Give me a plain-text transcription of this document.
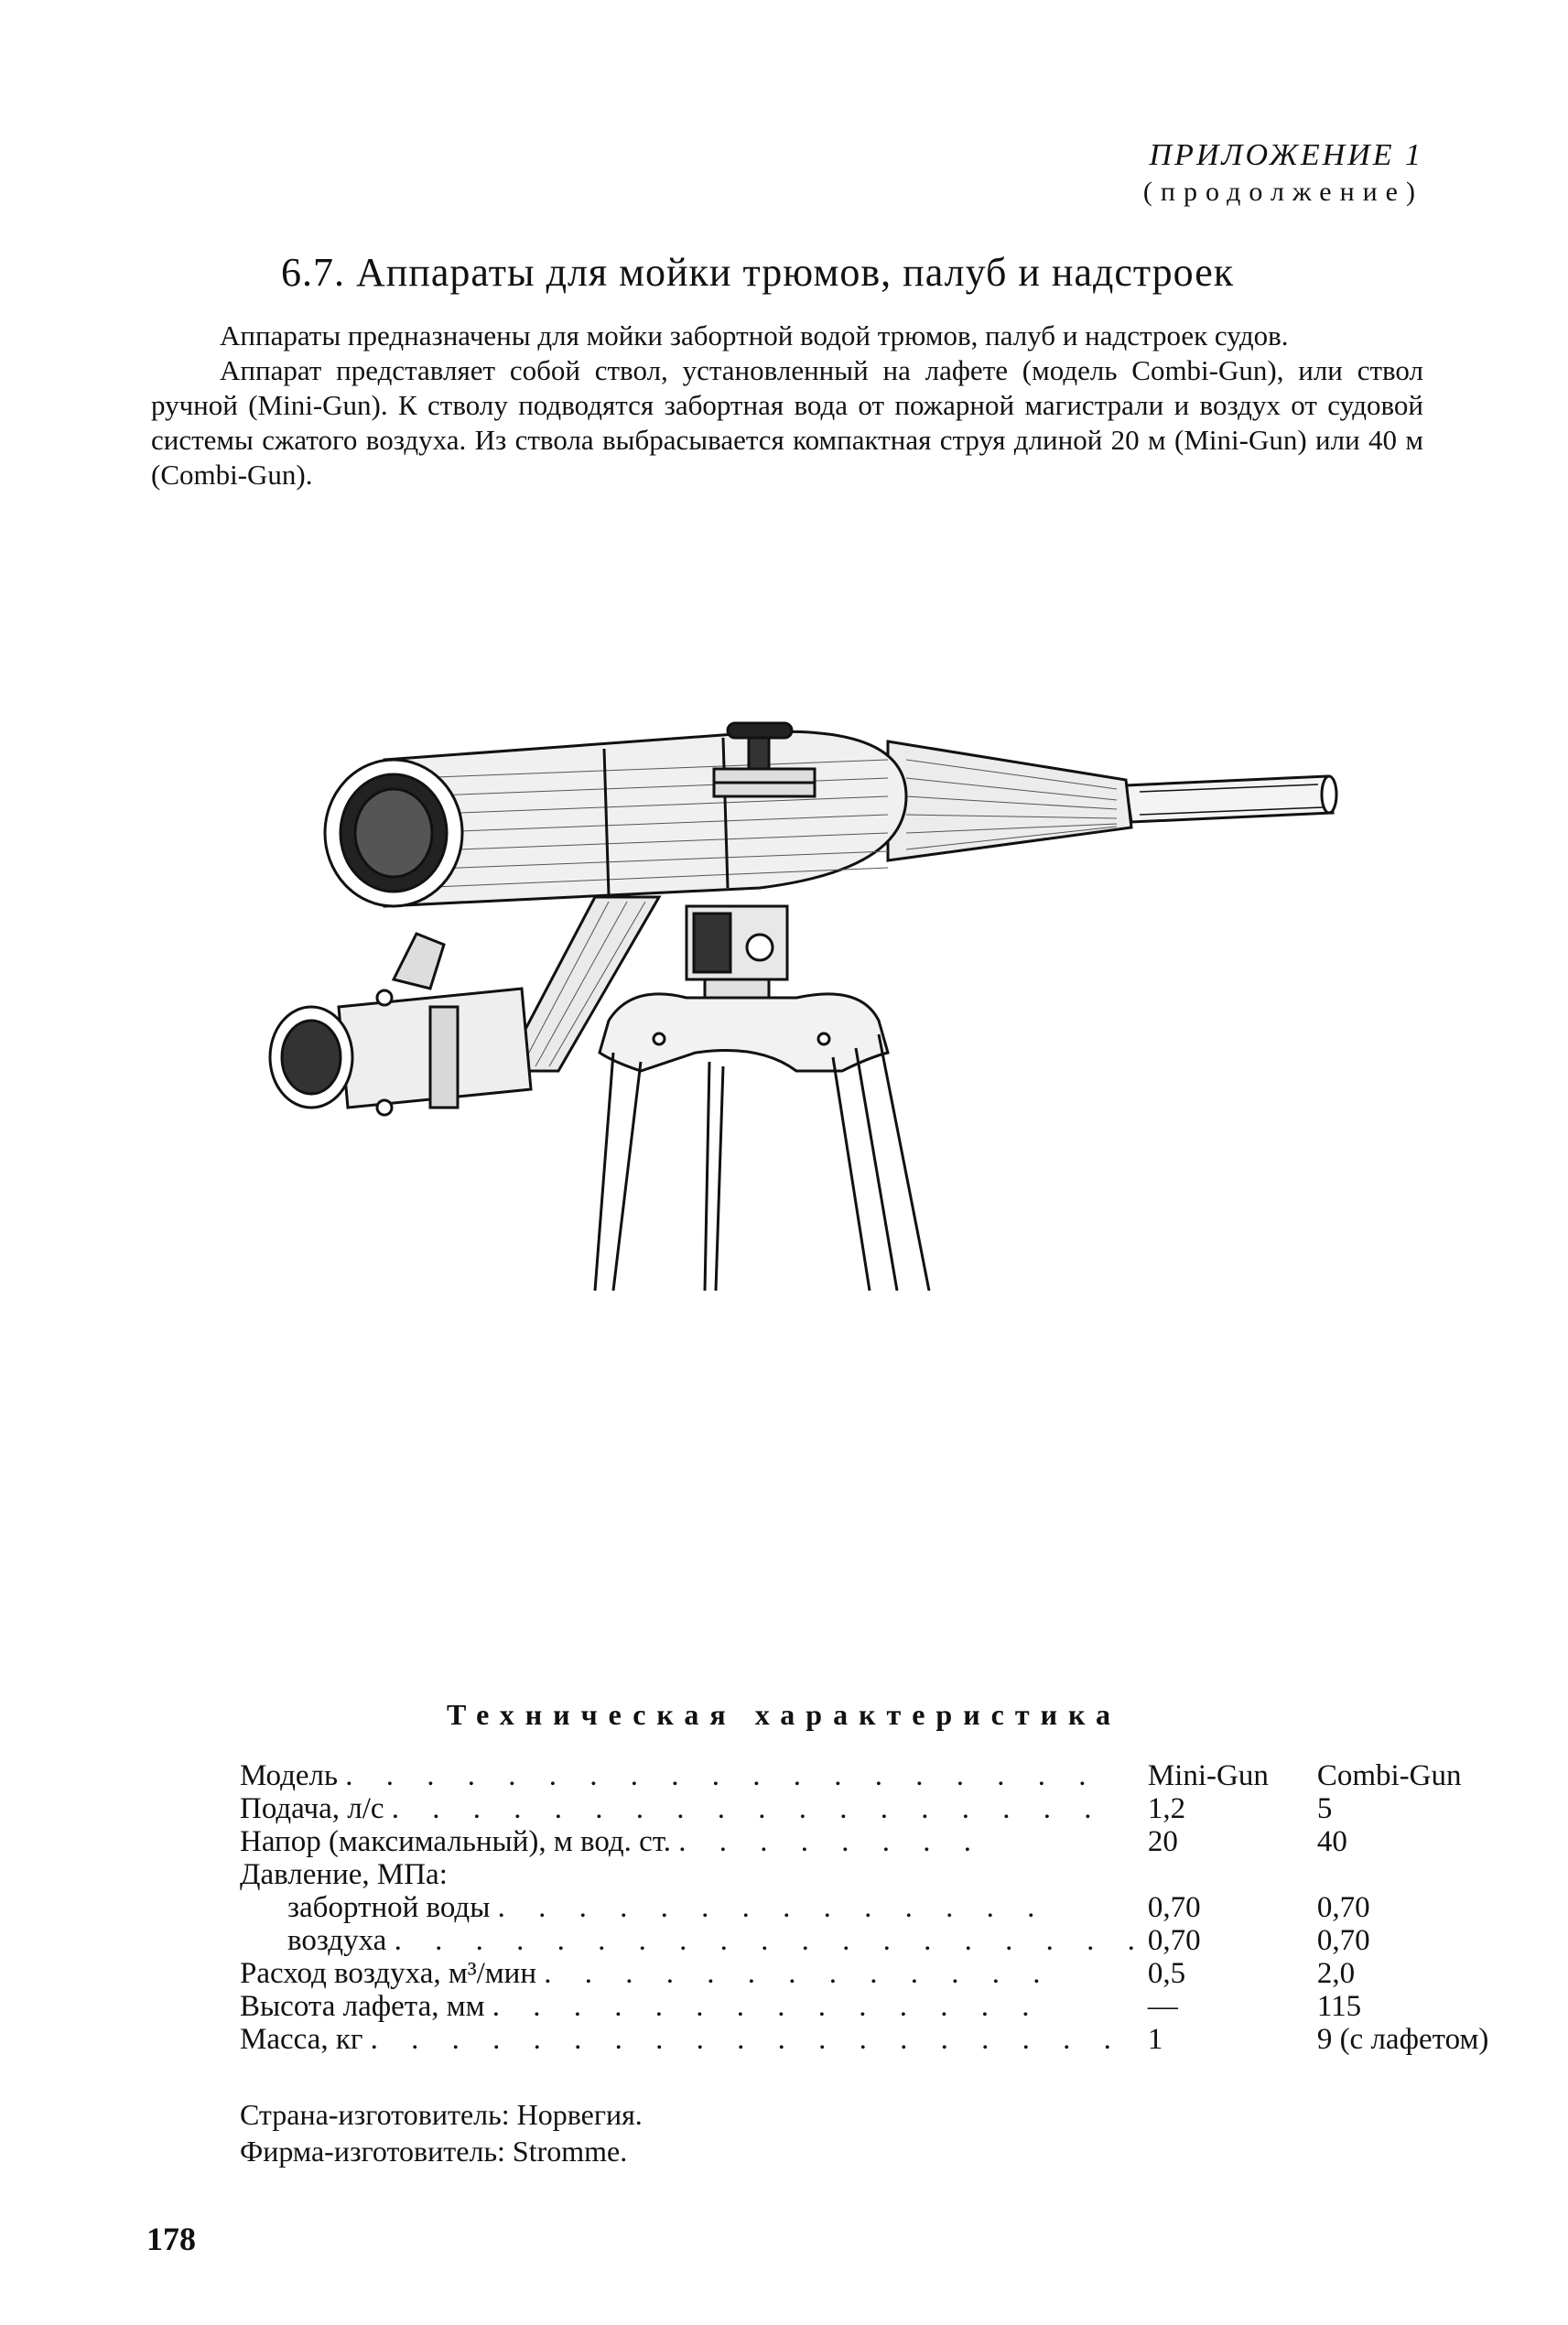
ПРИЛОЖЕНИЕ 1
(продолжение)
6.7. Аппараты для мойки трюмов, палуб и надстроек

Аппараты предназначены для мойки забортной водой трюмов, палуб и надстроек судов.

Аппарат представляет собой ствол, установленный на лафете (модель Combi-Gun), или ствол ручной (Mini-Gun). К стволу подводятся забортная вода от пожарной магистрали и воздух от судовой системы сжатого воздуха. Из ствола выбрасывается компактная струя длиной 20 м (Mini-Gun) или 40 м (Combi-Gun).

Техническая характеристика
Модель . . . . . . . . . . . . . . . . . . .	Mini-Gun	Combi-Gun
Подача, л/с . . . . . . . . . . . . . . . . . .	1,2	5
Напор (максимальный), м вод. ст. . . . . . . . .	20	40
Давление, МПа:		
забортной воды . . . . . . . . . . . . . .	0,70	0,70
воздуха . . . . . . . . . . . . . . . . . . .	0,70	0,70
Расход воздуха, м³/мин . . . . . . . . . . . . .	0,5	2,0
Высота лафета, мм . . . . . . . . . . . . . .	—	115
Масса, кг . . . . . . . . . . . . . . . . . . .	1	9 (с лафетом)
Страна-изготовитель: Норвегия.
Фирма-изготовитель: Stromme.
178
